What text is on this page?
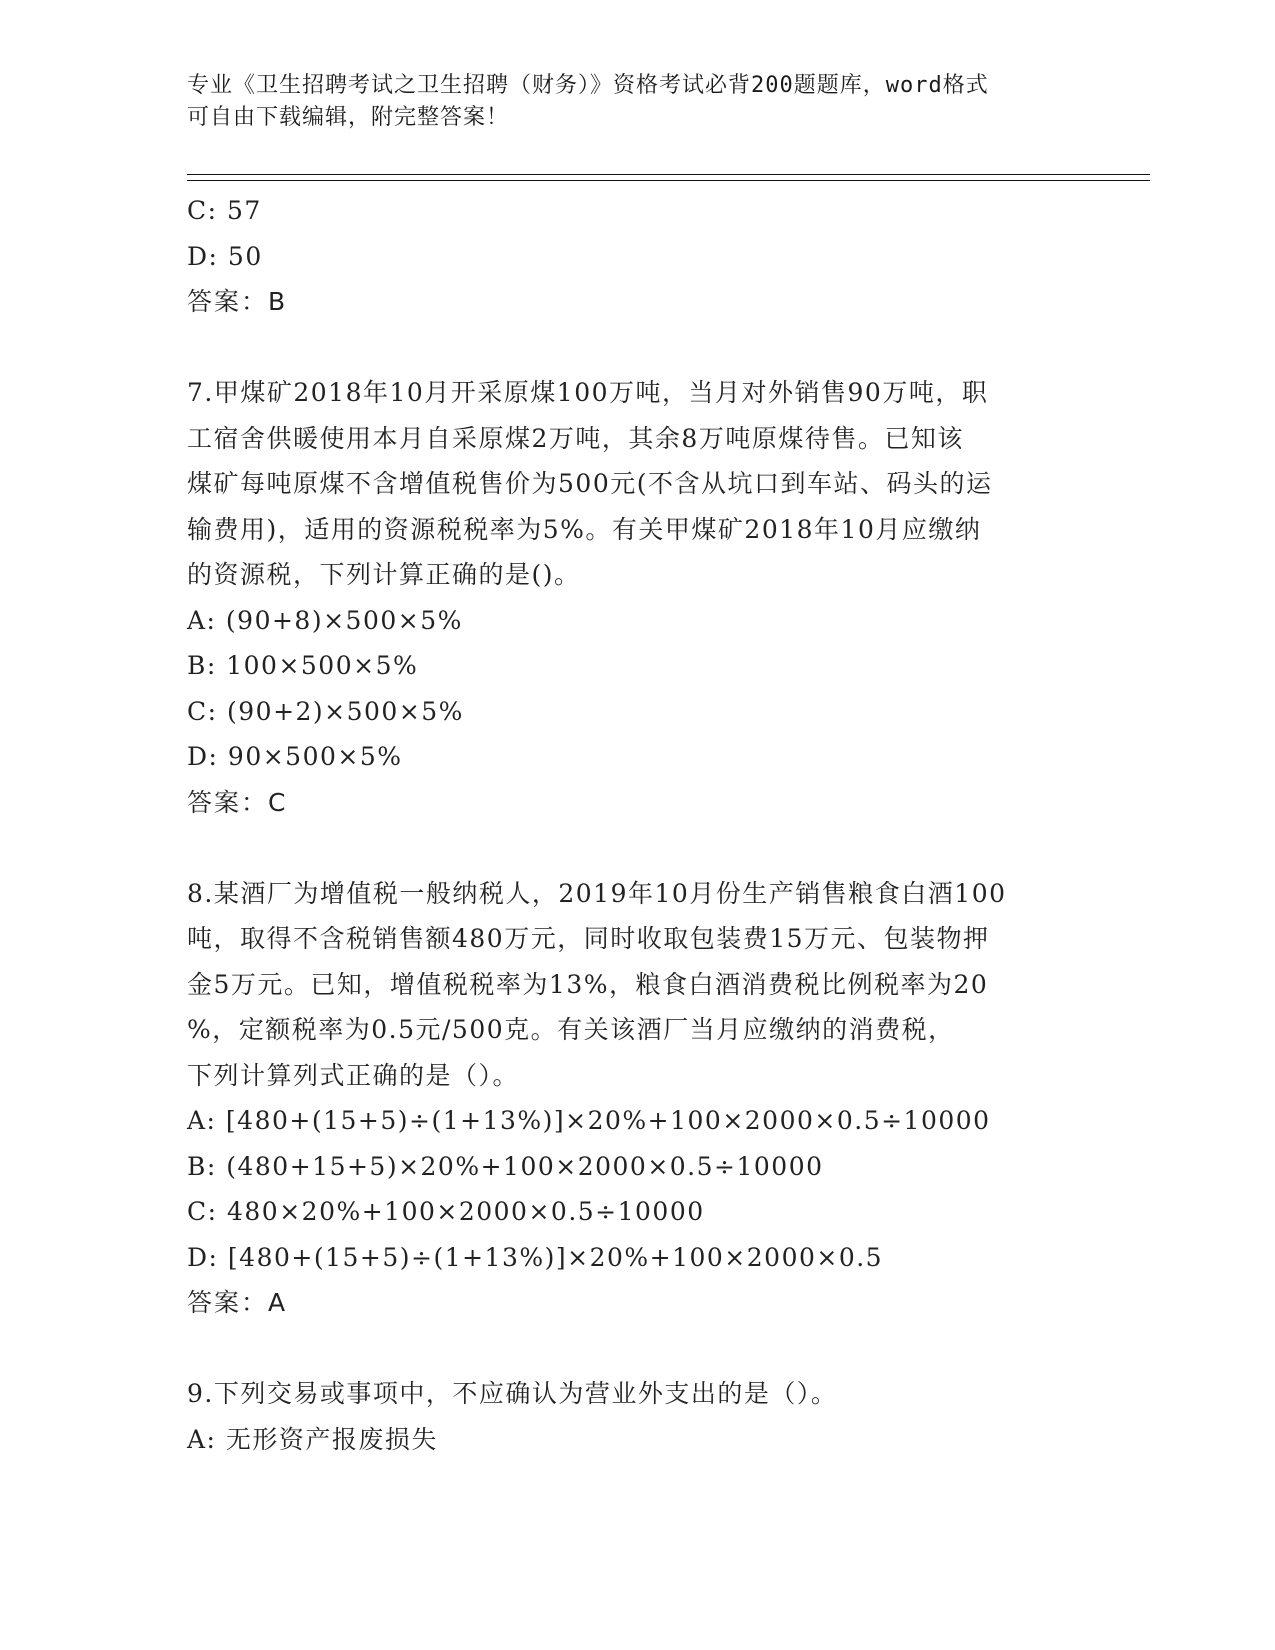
专业《卫生招聘考试之卫生招聘（财务）》资格考试必背200题题库，word格式
可自由下载编辑，附完整答案！
C: 57
D: 50
答案：B
7.甲煤矿2018年10月开采原煤100万吨，当月对外销售90万吨，职
工宿舍供暖使用本月自采原煤2万吨，其余8万吨原煤待售。已知该
煤矿每吨原煤不含增值税售价为500元(不含从坑口到车站、码头的运
输费用)，适用的资源税税率为5%。有关甲煤矿2018年10月应缴纳
的资源税，下列计算正确的是()。
A: (90+8)×500×5%
B: 100×500×5%
C: (90+2)×500×5%
D: 90×500×5%
答案：C
8.某酒厂为增值税一般纳税人，2019年10月份生产销售粮食白酒100
吨，取得不含税销售额480万元，同时收取包装费15万元、包装物押
金5万元。已知，增值税税率为13%，粮食白酒消费税比例税率为20
%，定额税率为0.5元/500克。有关该酒厂当月应缴纳的消费税，
下列计算列式正确的是（）。
A: [480+(15+5)÷(1+13%)]×20%+100×2000×0.5÷10000
B: (480+15+5)×20%+100×2000×0.5÷10000
C: 480×20%+100×2000×0.5÷10000
D: [480+(15+5)÷(1+13%)]×20%+100×2000×0.5
答案：A
9.下列交易或事项中，不应确认为营业外支出的是（）。
A: 无形资产报废损失
